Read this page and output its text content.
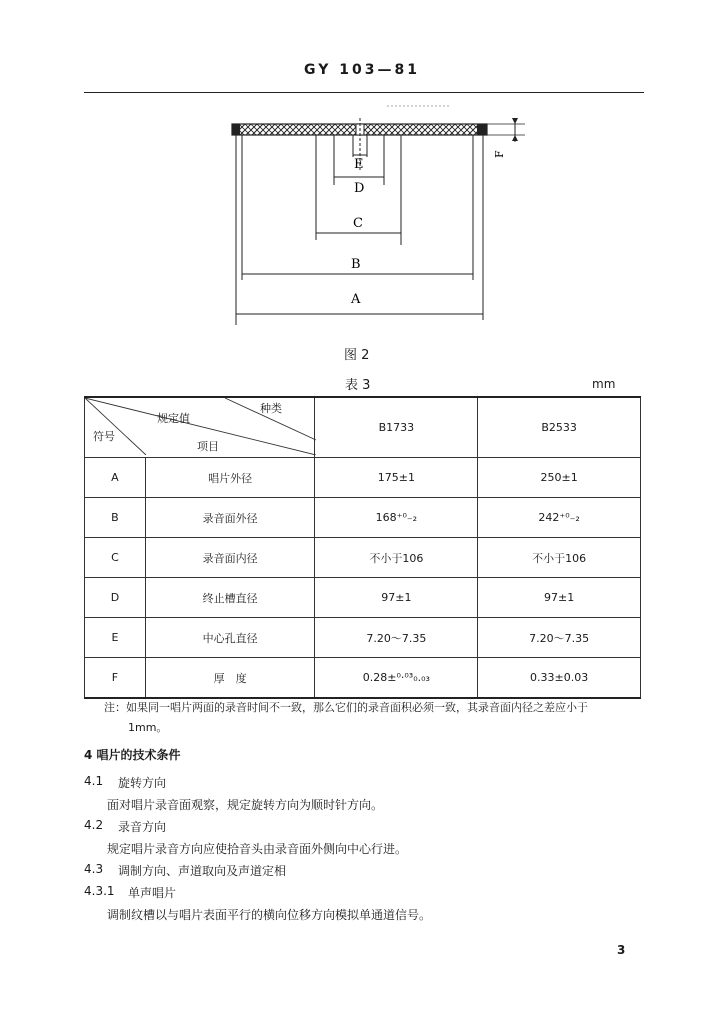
GY 103—81
F
E
D
C
B
A
图 2
表 3	mm
种类
规定值
项目
符号		B1733	B2533
A	唱片外径	175±1	250±1
B	录音面外径	168⁺⁰₋₂	242⁺⁰₋₂
C	录音面内径	不小于106	不小于106
D	终止槽直径	97±1	97±1
E	中心孔直径	7.20～7.35	7.20～7.35
F	厚　度	0.28±⁰·⁰³₀.₀₃	0.33±0.03
注：如果同一唱片两面的录音时间不一致，那么它们的录音面积必须一致，其录音面内径之差应小于
1mm。
4 唱片的技术条件
4.1 旋转方向
面对唱片录音面观察，规定旋转方向为顺时针方向。
4.2 录音方向
规定唱片录音方向应使拾音头由录音面外侧向中心行进。
4.3 调制方向、声道取向及声道定相
4.3.1 单声唱片
调制纹槽以与唱片表面平行的横向位移方向模拟单通道信号。
3
